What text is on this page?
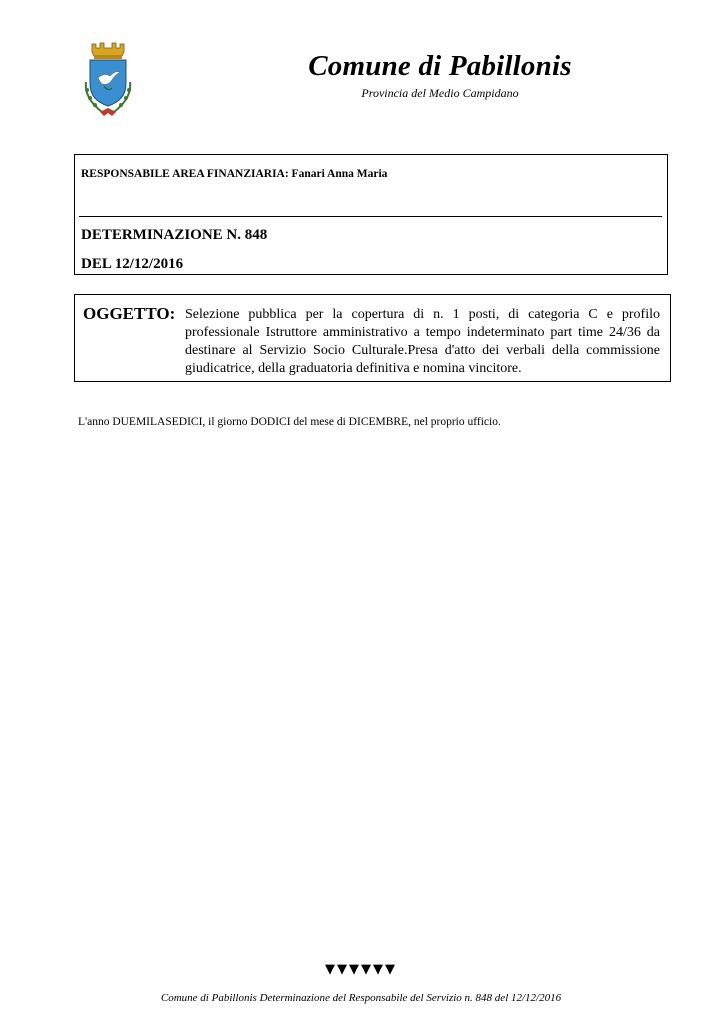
Comune di Pabillonis
Provincia del Medio Campidano
RESPONSABILE AREA FINANZIARIA: Fanari Anna Maria
DETERMINAZIONE N. 848
DEL 12/12/2016
OGGETTO: Selezione pubblica per la copertura di n. 1 posti, di categoria C e profilo professionale Istruttore amministrativo a tempo indeterminato part time 24/36 da destinare al Servizio Socio Culturale.Presa d'atto dei verbali della commissione giudicatrice, della graduatoria definitiva e nomina vincitore.
L'anno DUEMILASEDICI, il giorno DODICI del mese di DICEMBRE, nel proprio ufficio.
▼▼▼▼▼▼
Comune di Pabillonis Determinazione del Responsabile del Servizio n. 848 del 12/12/2016
